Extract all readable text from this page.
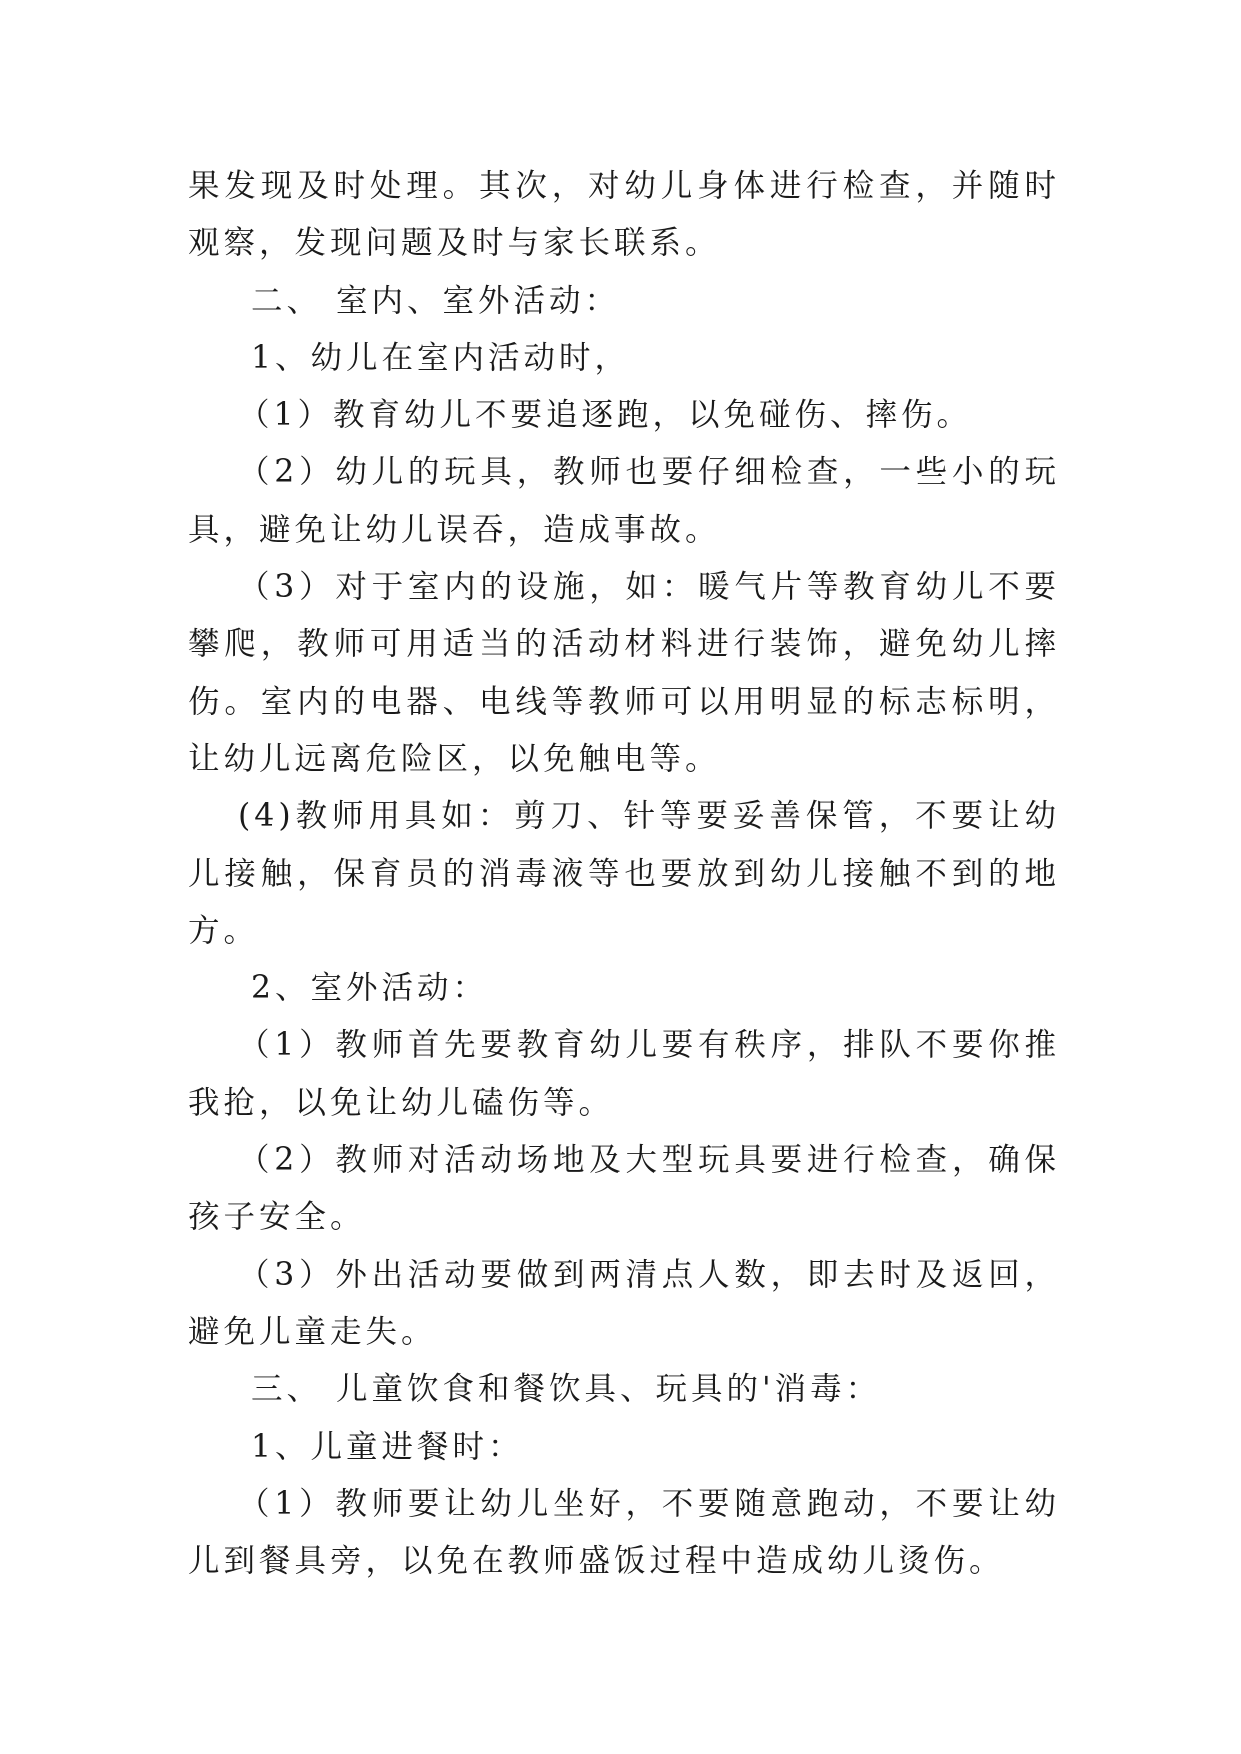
果发现及时处理。其次，对幼儿身体进行检查，并随时观察，发现问题及时与家长联系。

二、 室内、室外活动：

1、幼儿在室内活动时，

（1）教育幼儿不要追逐跑，以免碰伤、摔伤。

（2）幼儿的玩具，教师也要仔细检查，一些小的玩具，避免让幼儿误吞，造成事故。

（3）对于室内的设施，如：暖气片等教育幼儿不要攀爬，教师可用适当的活动材料进行装饰，避免幼儿摔伤。室内的电器、电线等教师可以用明显的标志标明，让幼儿远离危险区，以免触电等。

(4)教师用具如：剪刀、针等要妥善保管，不要让幼儿接触，保育员的消毒液等也要放到幼儿接触不到的地方。

2、室外活动：

（1）教师首先要教育幼儿要有秩序，排队不要你推我抢，以免让幼儿磕伤等。

（2）教师对活动场地及大型玩具要进行检查，确保孩子安全。

（3）外出活动要做到两清点人数，即去时及返回，避免儿童走失。

三、 儿童饮食和餐饮具、玩具的'消毒：

1、儿童进餐时：

（1）教师要让幼儿坐好，不要随意跑动，不要让幼儿到餐具旁，以免在教师盛饭过程中造成幼儿烫伤。
